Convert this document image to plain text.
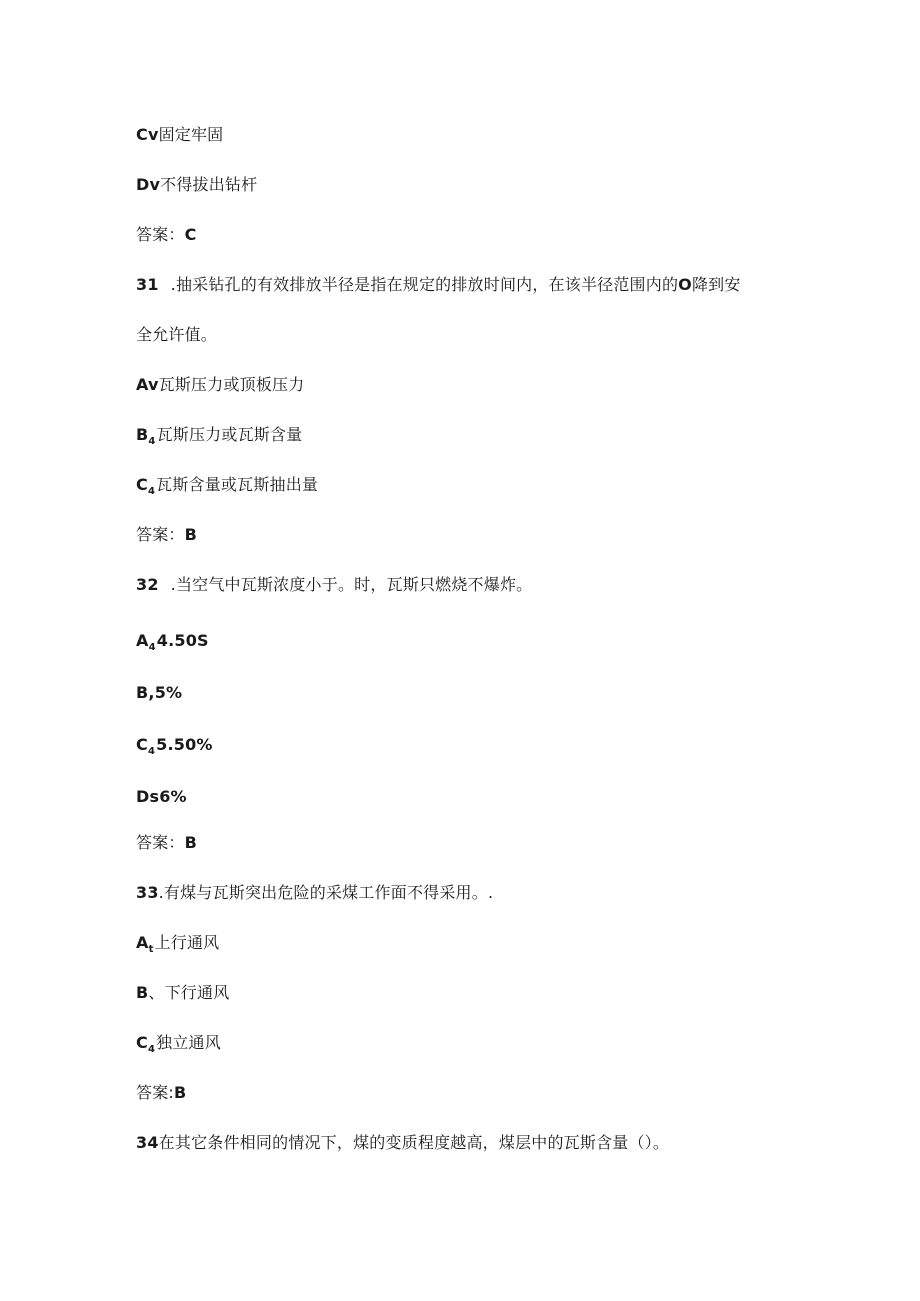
Cv固定牢固
Dv不得拔出钻杆
答案：C
31 .抽采钻孔的有效排放半径是指在规定的排放时间内，在该半径范围内的O降到安
全允许值。
Av瓦斯压力或顶板压力
$B_4$瓦斯压力或瓦斯含量
$C_4$瓦斯含量或瓦斯抽出量
答案：B
32 .当空气中瓦斯浓度小于。时，瓦斯只燃烧不爆炸。
$A_44.50S$
B,5%
$C_45.50\%$
Ds6%
答案：B
33.有煤与瓦斯突出危险的采煤工作面不得采用。.
$A_t$上行通风
B、下行通风
$C_4$独立通风
答案:B
34在其它条件相同的情况下，煤的变质程度越高，煤层中的瓦斯含量（）。
